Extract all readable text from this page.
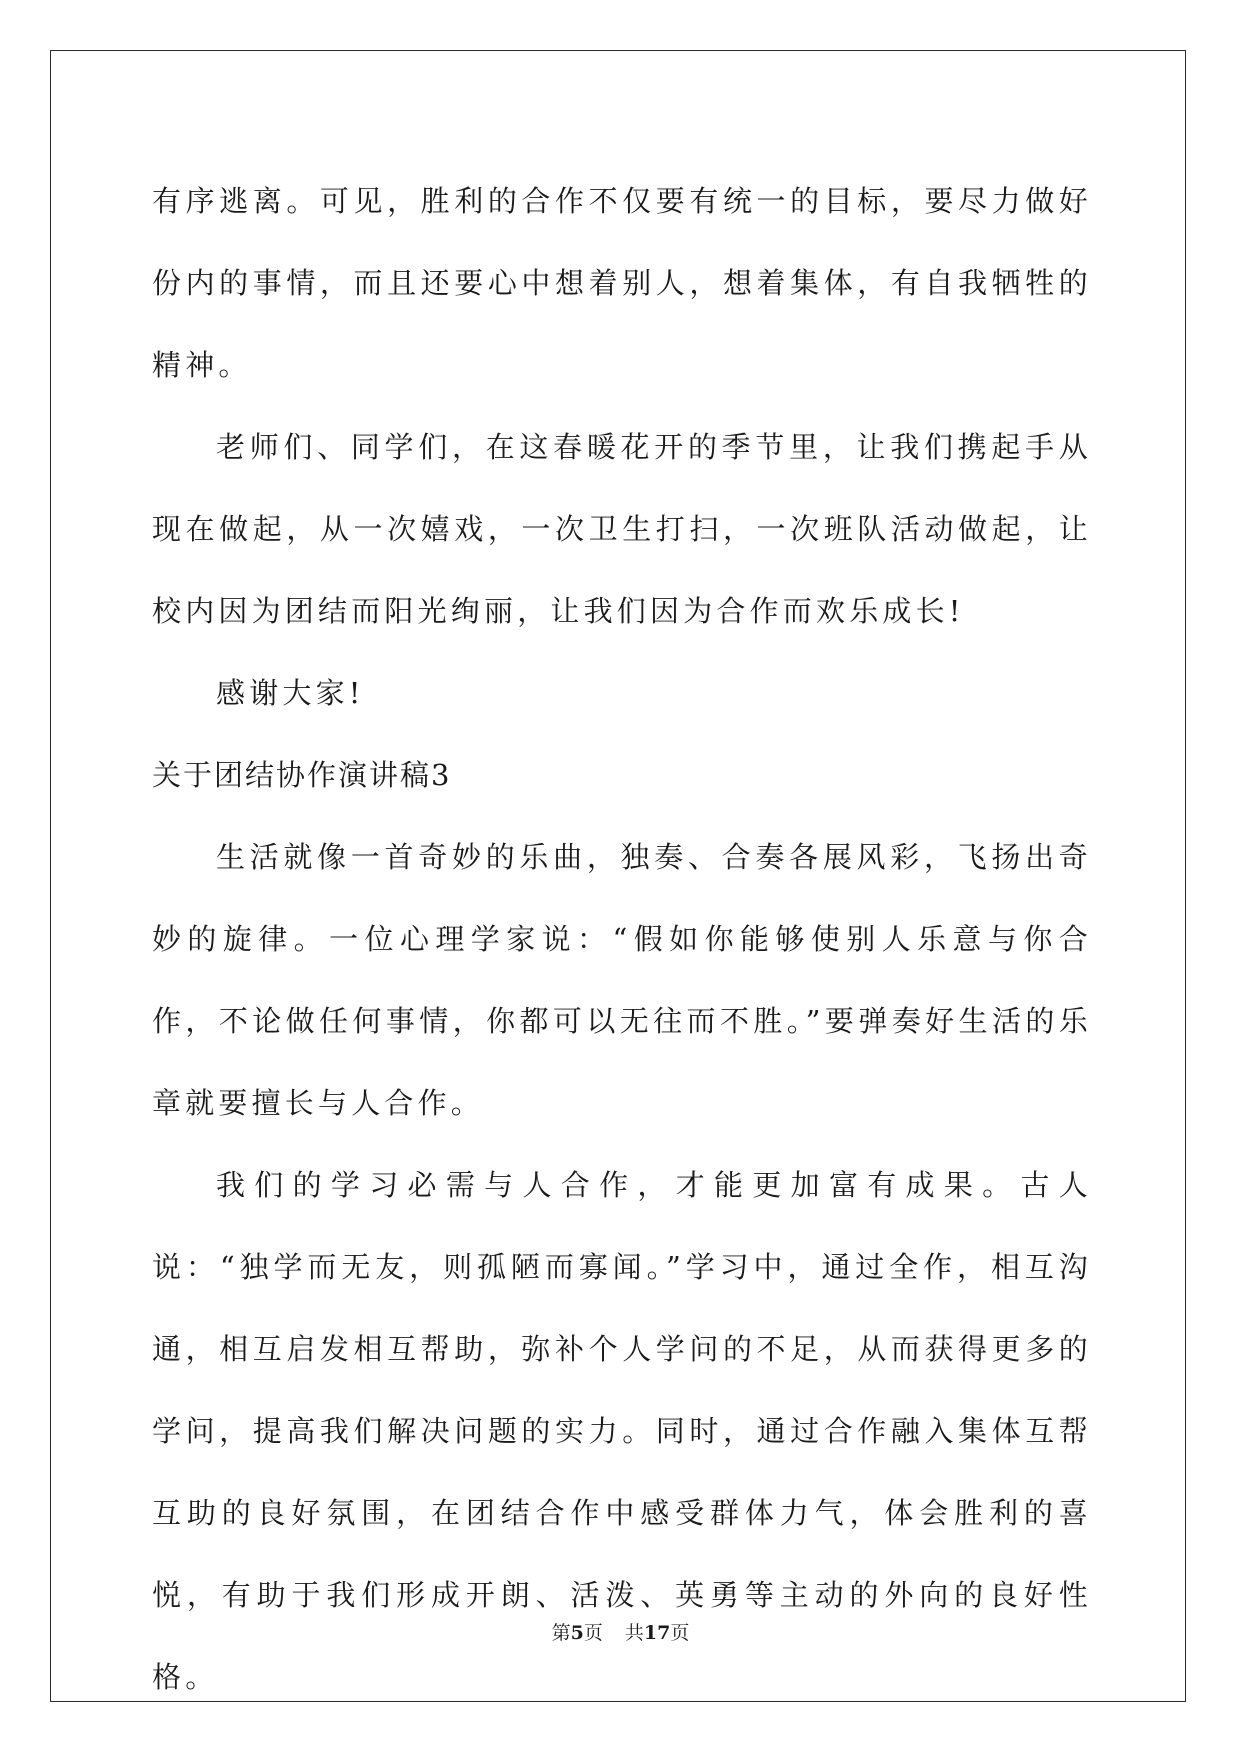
有序逃离。可见，胜利的合作不仅要有统一的目标，要尽力做好份内的事情，而且还要心中想着别人，想着集体，有自我牺牲的精神。

老师们、同学们，在这春暖花开的季节里，让我们携起手从现在做起，从一次嬉戏，一次卫生打扫，一次班队活动做起，让校内因为团结而阳光绚丽，让我们因为合作而欢乐成长!

感谢大家!

关于团结协作演讲稿3

生活就像一首奇妙的乐曲，独奏、合奏各展风彩，飞扬出奇妙的旋律。一位心理学家说：“假如你能够使别人乐意与你合作，不论做任何事情，你都可以无往而不胜。”要弹奏好生活的乐章就要擅长与人合作。

我们的学习必需与人合作，才能更加富有成果。古人说：“独学而无友，则孤陋而寡闻。”学习中，通过全作，相互沟通，相互启发相互帮助，弥补个人学问的不足，从而获得更多的学问，提高我们解决问题的实力。同时，通过合作融入集体互帮互助的良好氛围，在团结合作中感受群体力气，体会胜利的喜悦，有助于我们形成开朗、活泼、英勇等主动的外向的良好性格。

第5页 共17页
